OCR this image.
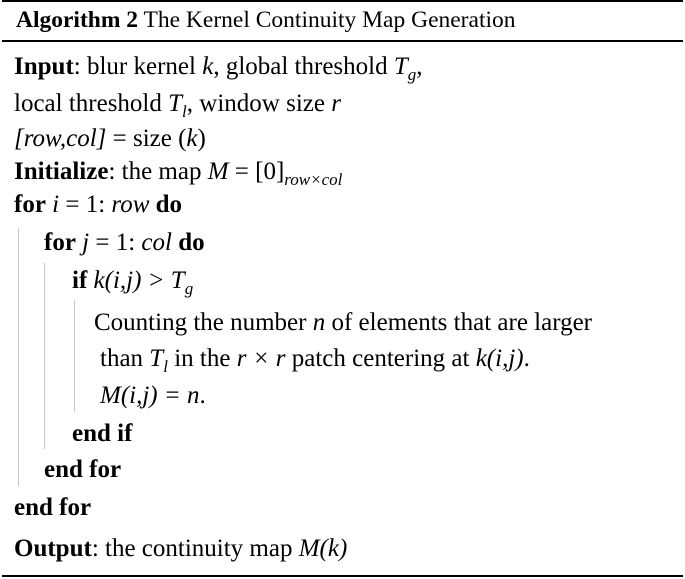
Algorithm 2 The Kernel Continuity Map Generation
Input: blur kernel k, global threshold $T_g$,
local threshold $T_l$, window size r
[row,col] = size (k)
Initialize: the map $M = [0]_{row\times col}$
for i = 1: row do
for j = 1: col do
if $k(i,j) > T_g$
Counting the number n of elements that are larger
than $T_l$ in the r × r patch centering at k(i,j).
M(i,j) = n.
end if
end for
end for
Output: the continuity map M(k)
